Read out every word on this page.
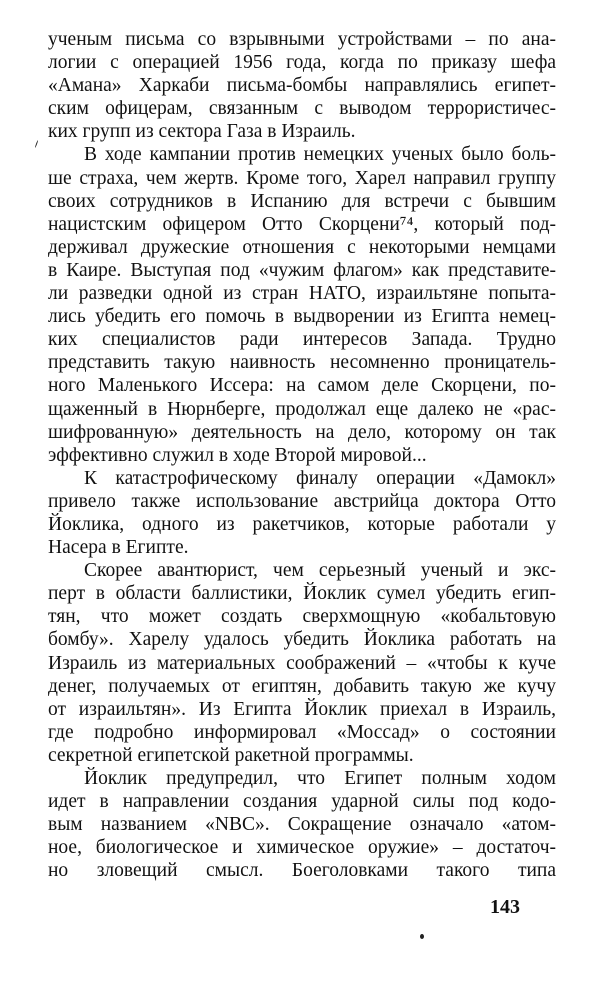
ученым письма со взрывными устройствами – по ана-
логии с операцией 1956 года, когда по приказу шефа
«Амана» Харкаби письма-бомбы направлялись египет-
ским офицерам, связанным с выводом террористичес-
ких групп из сектора Газа в Израиль.
В ходе кампании против немецких ученых было боль-
ше страха, чем жертв. Кроме того, Харел направил группу
своих сотрудников в Испанию для встречи с бывшим
нацистским офицером Отто Скорцени⁷⁴, который под-
держивал дружеские отношения с некоторыми немцами
в Каире. Выступая под «чужим флагом» как представите-
ли разведки одной из стран НАТО, израильтяне попыта-
лись убедить его помочь в выдворении из Египта немец-
ких специалистов ради интересов Запада. Трудно
представить такую наивность несомненно проницатель-
ного Маленького Иссера: на самом деле Скорцени, по-
щаженный в Нюрнберге, продолжал еще далеко не «рас-
шифрованную» деятельность на дело, которому он так
эффективно служил в ходе Второй мировой...
К катастрофическому финалу операции «Дамокл»
привело также использование австрийца доктора Отто
Йоклика, одного из ракетчиков, которые работали у
Насера в Египте.
Скорее авантюрист, чем серьезный ученый и экс-
перт в области баллистики, Йоклик сумел убедить егип-
тян, что может создать сверхмощную «кобальтовую
бомбу». Харелу удалось убедить Йоклика работать на
Израиль из материальных соображений – «чтобы к куче
денег, получаемых от египтян, добавить такую же кучу
от израильтян». Из Египта Йоклик приехал в Израиль,
где подробно информировал «Моссад» о состоянии
секретной египетской ракетной программы.
Йоклик предупредил, что Египет полным ходом
идет в направлении создания ударной силы под кодо-
вым названием «NBC». Сокращение означало «атом-
ное, биологическое и химическое оружие» – достаточ-
но зловещий смысл. Боеголовками такого типа
143
